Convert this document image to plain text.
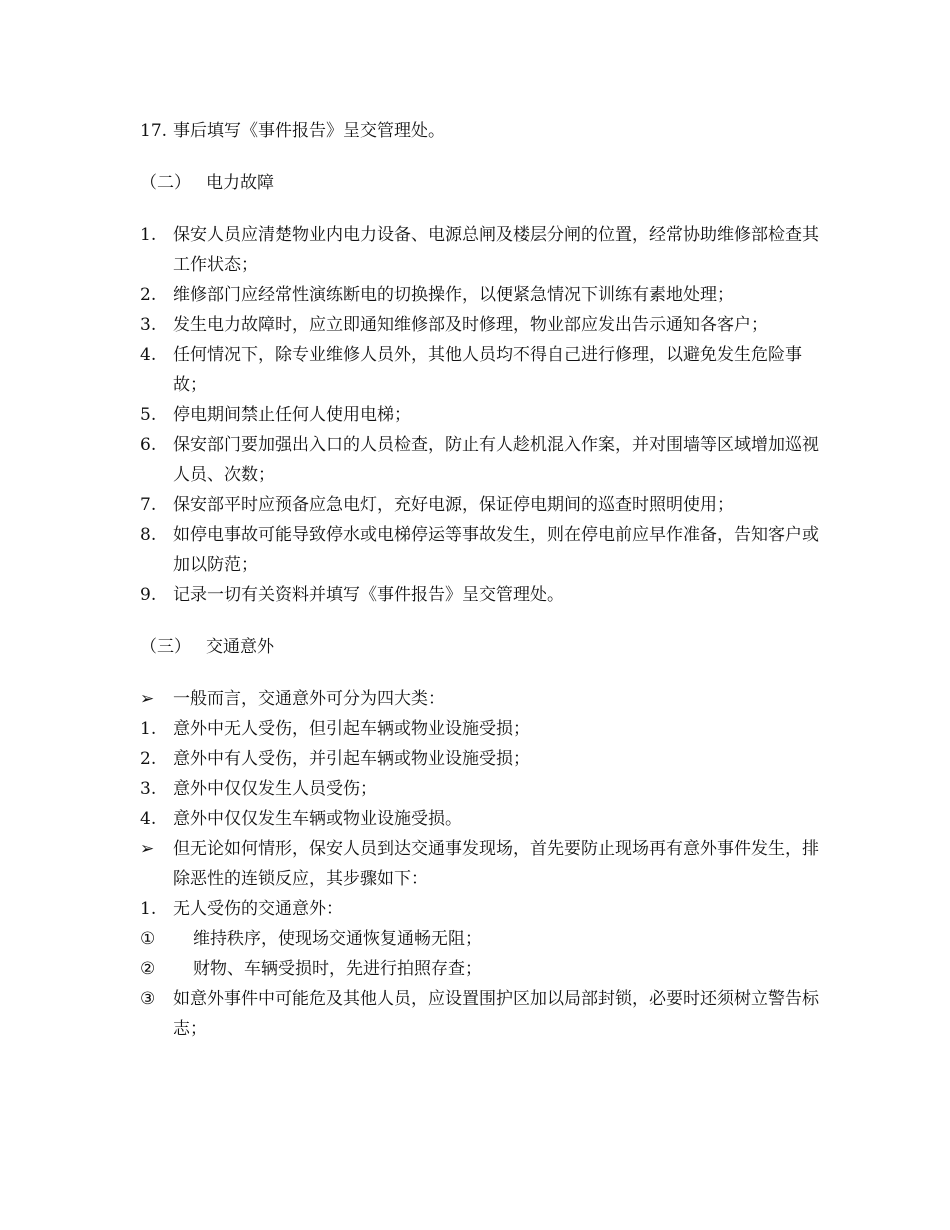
17. 事后填写《事件报告》呈交管理处。
（二） 电力故障
1. 保安人员应清楚物业内电力设备、电源总闸及楼层分闸的位置，经常协助维修部检查其工作状态；
2. 维修部门应经常性演练断电的切换操作，以便紧急情况下训练有素地处理；
3. 发生电力故障时，应立即通知维修部及时修理，物业部应发出告示通知各客户；
4. 任何情况下，除专业维修人员外，其他人员均不得自己进行修理，以避免发生危险事故；
5. 停电期间禁止任何人使用电梯；
6. 保安部门要加强出入口的人员检查，防止有人趁机混入作案，并对围墙等区域增加巡视人员、次数；
7. 保安部平时应预备应急电灯，充好电源，保证停电期间的巡查时照明使用；
8. 如停电事故可能导致停水或电梯停运等事故发生，则在停电前应早作准备，告知客户或加以防范；
9. 记录一切有关资料并填写《事件报告》呈交管理处。
（三） 交通意外
➢	一般而言，交通意外可分为四大类：
1. 意外中无人受伤，但引起车辆或物业设施受损；
2. 意外中有人受伤，并引起车辆或物业设施受损；
3. 意外中仅仅发生人员受伤；
4. 意外中仅仅发生车辆或物业设施受损。
➢	但无论如何情形，保安人员到达交通事发现场，首先要防止现场再有意外事件发生，排除恶性的连锁反应，其步骤如下：
1. 无人受伤的交通意外：
①	维持秩序，使现场交通恢复通畅无阻；
②	财物、车辆受损时，先进行拍照存查；
③	如意外事件中可能危及其他人员，应设置围护区加以局部封锁，必要时还须树立警告标志；
